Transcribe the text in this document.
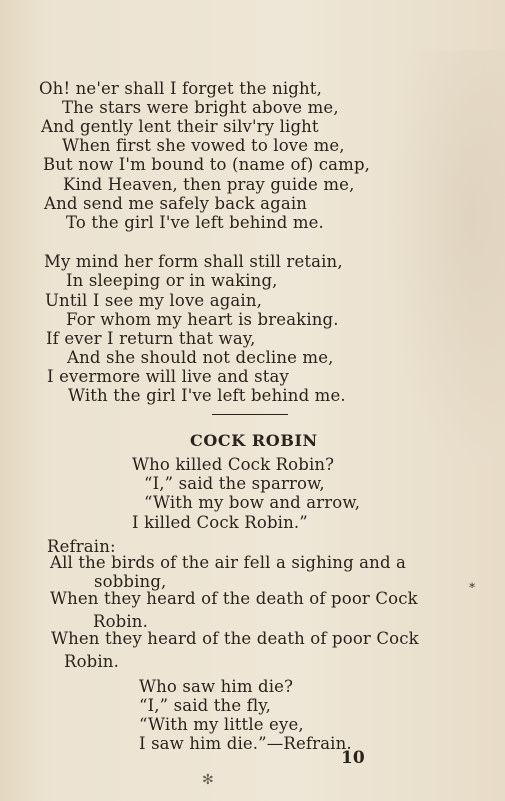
Oh! ne'er shall I forget the night,
The stars were bright above me,
And gently lent their silv'ry light
When first she vowed to love me,
But now I'm bound to (name of) camp,
Kind Heaven, then pray guide me,
And send me safely back again
To the girl I've left behind me.
My mind her form shall still retain,
In sleeping or in waking,
Until I see my love again,
For whom my heart is breaking.
If ever I return that way,
And she should not decline me,
I evermore will live and stay
With the girl I've left behind me.
COCK ROBIN
Who killed Cock Robin?
“I,” said the sparrow,
“With my bow and arrow,
I killed Cock Robin.”
Refrain:
All the birds of the air fell a sighing and a
sobbing,
When they heard of the death of poor Cock
Robin.
When they heard of the death of poor Cock
Robin.
∗
Who saw him die?
“I,” said the fly,
“With my little eye,
I saw him die.”—Refrain.
10
✻
